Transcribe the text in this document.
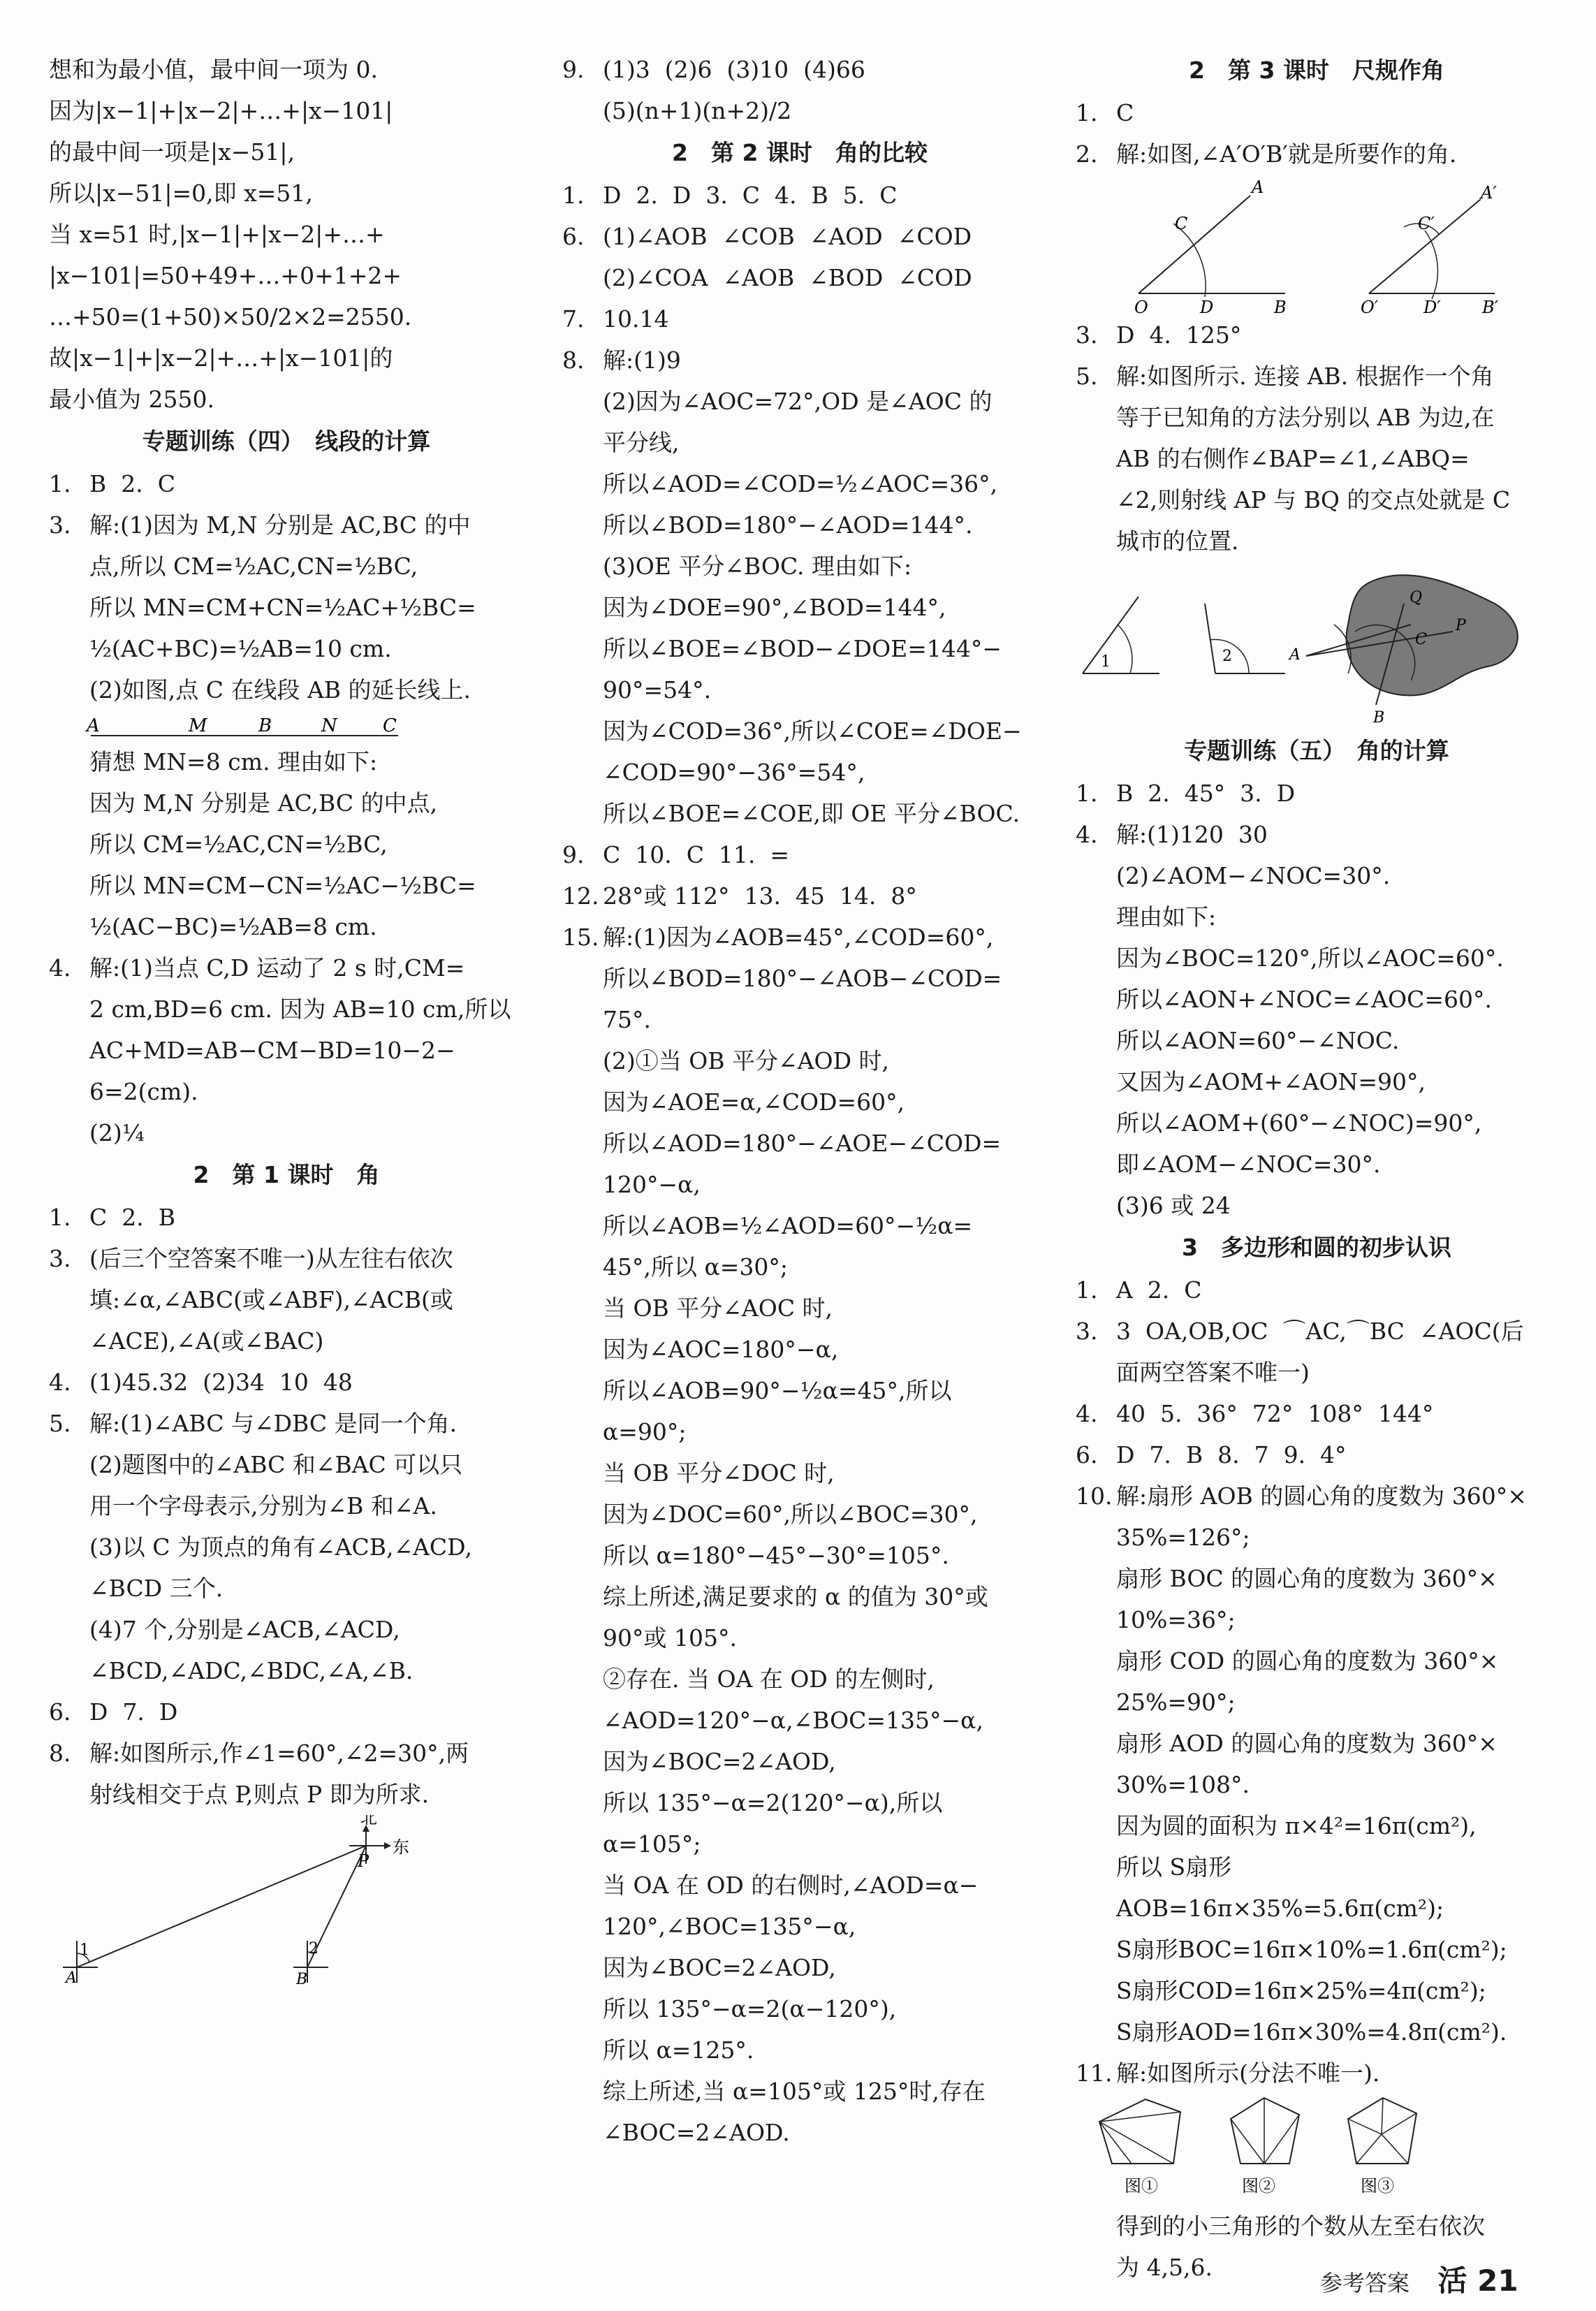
想和为最小值，最中间一项为 0.
因为|x−1|+|x−2|+…+|x−101|
的最中间一项是|x−51|,
所以|x−51|=0,即 x=51,
当 x=51 时,|x−1|+|x−2|+…+
|x−101|=50+49+…+0+1+2+
…+50=(1+50)×50/2×2=2550.
故|x−1|+|x−2|+…+|x−101|的
最小值为 2550.
专题训练（四）　线段的计算
1. B  2.  C
3. 解:(1)因为 M,N 分别是 AC,BC 的中
点,所以 CM=½AC,CN=½BC,
所以 MN=CM+CN=½AC+½BC=
½(AC+BC)=½AB=10 cm.
(2)如图,点 C 在线段 AB 的延长线上.
A	M	B	N	C
猜想 MN=8 cm. 理由如下:
因为 M,N 分别是 AC,BC 的中点,
所以 CM=½AC,CN=½BC,
所以 MN=CM−CN=½AC−½BC=
½(AC−BC)=½AB=8 cm.
4. 解:(1)当点 C,D 运动了 2 s 时,CM=
2 cm,BD=6 cm. 因为 AB=10 cm,所以
AC+MD=AB−CM−BD=10−2−
6=2(cm).
(2)¼
2　第 1 课时　角
1. C  2.  B
3. (后三个空答案不唯一)从左往右依次
填:∠α,∠ABC(或∠ABF),∠ACB(或
∠ACE),∠A(或∠BAC)
4. (1)45.32  (2)34  10  48
5. 解:(1)∠ABC 与∠DBC 是同一个角.
(2)题图中的∠ABC 和∠BAC 可以只
用一个字母表示,分别为∠B 和∠A.
(3)以 C 为顶点的角有∠ACB,∠ACD,
∠BCD 三个.
(4)7 个,分别是∠ACB,∠ACD,
∠BCD,∠ADC,∠BDC,∠A,∠B.
6. D  7.  D
8. 解:如图所示,作∠1=60°,∠2=30°,两
射线相交于点 P,则点 P 即为所求.
北
东
P
1	2
A	B
9. (1)3  (2)6  (3)10  (4)66
(5)(n+1)(n+2)/2
2　第 2 课时　角的比较
1. D  2.  D  3.  C  4.  B  5.  C
6. (1)∠AOB  ∠COB  ∠AOD  ∠COD
(2)∠COA  ∠AOB  ∠BOD  ∠COD
7. 10.14
8. 解:(1)9
(2)因为∠AOC=72°,OD 是∠AOC 的
平分线,
所以∠AOD=∠COD=½∠AOC=36°,
所以∠BOD=180°−∠AOD=144°.
(3)OE 平分∠BOC. 理由如下:
因为∠DOE=90°,∠BOD=144°,
所以∠BOE=∠BOD−∠DOE=144°−
90°=54°.
因为∠COD=36°,所以∠COE=∠DOE−
∠COD=90°−36°=54°,
所以∠BOE=∠COE,即 OE 平分∠BOC.
9. C  10.  C  11.  =
12. 28°或 112°  13.  45  14.  8°
15. 解:(1)因为∠AOB=45°,∠COD=60°,
所以∠BOD=180°−∠AOB−∠COD=
75°.
(2)①当 OB 平分∠AOD 时,
因为∠AOE=α,∠COD=60°,
所以∠AOD=180°−∠AOE−∠COD=
120°−α,
所以∠AOB=½∠AOD=60°−½α=
45°,所以 α=30°;
当 OB 平分∠AOC 时,
因为∠AOC=180°−α,
所以∠AOB=90°−½α=45°,所以
α=90°;
当 OB 平分∠DOC 时,
因为∠DOC=60°,所以∠BOC=30°,
所以 α=180°−45°−30°=105°.
综上所述,满足要求的 α 的值为 30°或
90°或 105°.
②存在. 当 OA 在 OD 的左侧时,
∠AOD=120°−α,∠BOC=135°−α,
因为∠BOC=2∠AOD,
所以 135°−α=2(120°−α),所以 α=105°;
当 OA 在 OD 的右侧时,∠AOD=α−
120°,∠BOC=135°−α,
因为∠BOC=2∠AOD,
所以 135°−α=2(α−120°),
所以 α=125°.
综上所述,当 α=105°或 125°时,存在
∠BOC=2∠AOD.
2　第 3 课时　尺规作角
1. C
2. 解:如图,∠A′O′B′就是所要作的角.
A
C
O	D	B
A′
C′
O′	D′ B′
3. D  4.  125°
5. 解:如图所示. 连接 AB. 根据作一个角
等于已知角的方法分别以 AB 为边,在
AB 的右侧作∠BAP=∠1,∠ABQ=
∠2,则射线 AP 与 BQ 的交点处就是 C
城市的位置.
1	2
Q
P
C
A
B
专题训练（五）　角的计算
1. B  2.  45°  3.  D
4. 解:(1)120  30
(2)∠AOM−∠NOC=30°.
理由如下:
因为∠BOC=120°,所以∠AOC=60°.
所以∠AON+∠NOC=∠AOC=60°.
所以∠AON=60°−∠NOC.
又因为∠AOM+∠AON=90°,
所以∠AOM+(60°−∠NOC)=90°,
即∠AOM−∠NOC=30°.
(3)6 或 24
3　多边形和圆的初步认识
1. A  2.  C
3. 3  OA,OB,OC  ⌒AC,⌒BC  ∠AOC(后
面两空答案不唯一)
4. 40  5.  36°  72°  108°  144°
6. D  7.  B  8.  7  9.  4°
10. 解:扇形 AOB 的圆心角的度数为 360°×
35%=126°;
扇形 BOC 的圆心角的度数为 360°×
10%=36°;
扇形 COD 的圆心角的度数为 360°×
25%=90°;
扇形 AOD 的圆心角的度数为 360°×
30%=108°.
因为圆的面积为 π×4²=16π(cm²),
所以 S扇形AOB=16π×35%=5.6π(cm²);
S扇形BOC=16π×10%=1.6π(cm²);
S扇形COD=16π×25%=4π(cm²);
S扇形AOD=16π×30%=4.8π(cm²).
11. 解:如图所示(分法不唯一).
图①	图②	图③
得到的小三角形的个数从左至右依次
为 4,5,6.
参考答案 活 21
